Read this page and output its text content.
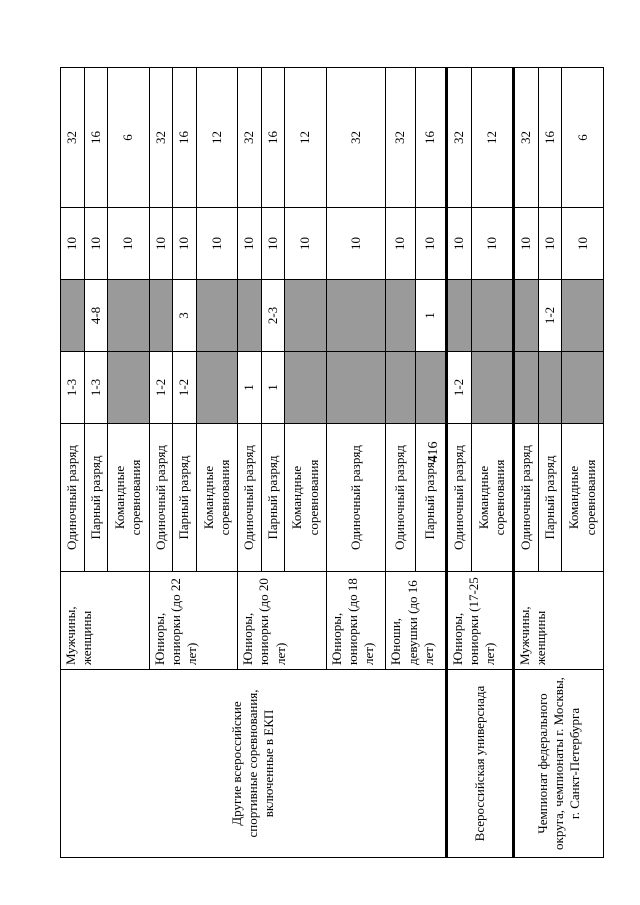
416
Другие всероссийские спортивные соревнования, включенные в ЕКП	Мужчины, женщины	Одиночный разряд	1-3		10	32
		Парный разряд	1-3	4-8	10	16
		Командные соревнования			10	6
	Юниоры, юниорки (до 22 лет)	Одиночный разряд	1-2		10	32
		Парный разряд	1-2	3	10	16
		Командные соревнования			10	12
	Юниоры, юниорки (до 20 лет)	Одиночный разряд	1		10	32
		Парный разряд	1	2-3	10	16
		Командные соревнования			10	12
	Юниоры, юниорки (до 18 лет)	Одиночный разряд			10	32
	Юноши, девушки (до 16 лет)	Одиночный разряд			10	32
		Парный разряд		1	10	16
Всероссийская универсиада	Юниоры, юниорки (17-25 лет)	Одиночный разряд	1-2		10	32
		Командные соревнования			10	12
Чемпионат федерального округа, чемпионаты г. Москвы, г. Санкт-Петербурга	Мужчины, женщины	Одиночный разряд			10	32
		Парный разряд		1-2	10	16
		Командные соревнования			10	6
